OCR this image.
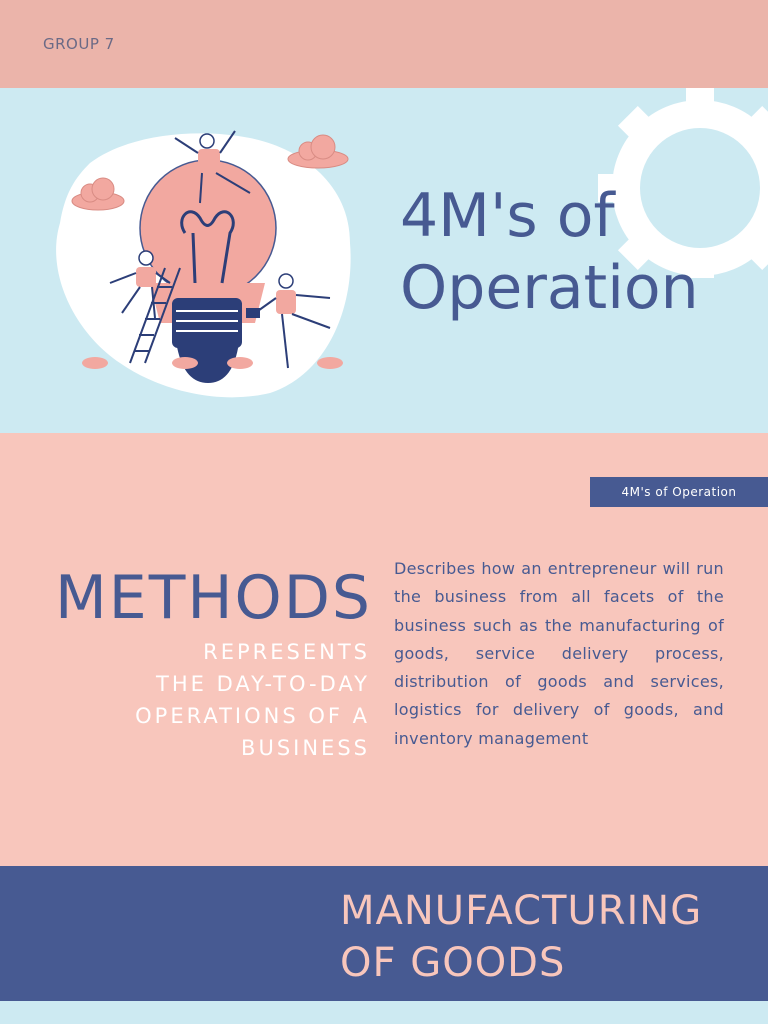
GROUP 7
4M's of
Operation
4M's of Operation
METHODS
REPRESENTS
THE DAY-TO-DAY
OPERATIONS OF A
BUSINESS
Describes how an entrepreneur will run the business from all facets of the business such as the manufacturing of goods, service delivery process, distribution of goods and services, logistics for delivery of goods, and inventory management
MANUFACTURING
OF GOODS
